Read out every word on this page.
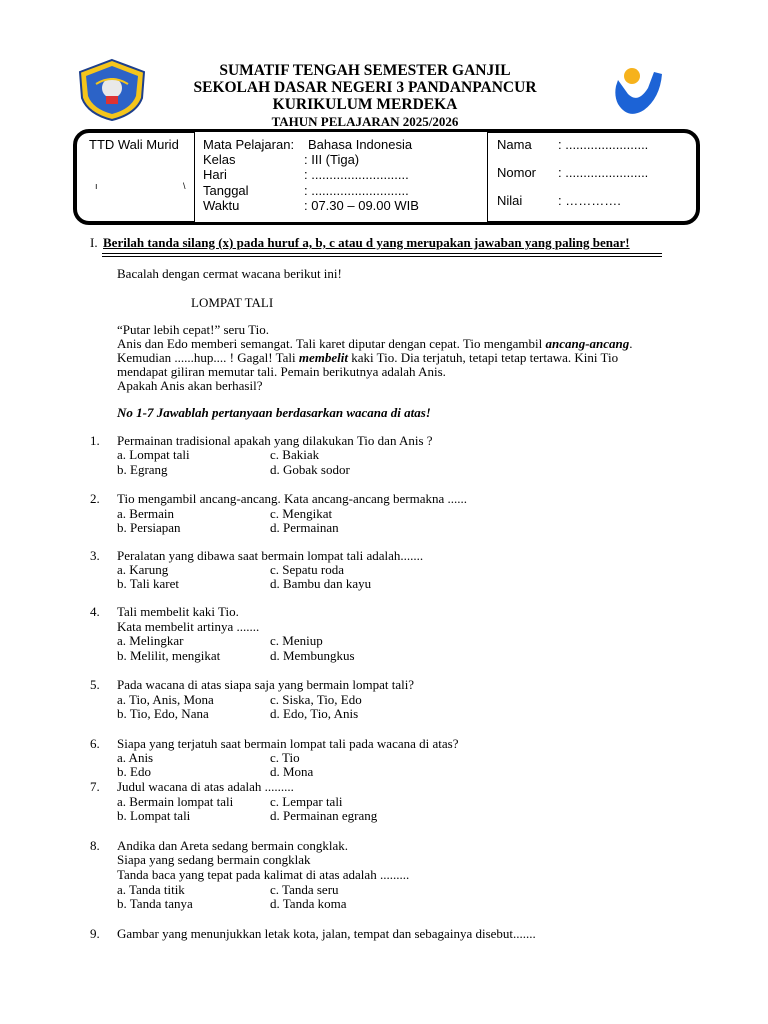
SUMATIF TENGAH SEMESTER GANJIL
SEKOLAH DASAR NEGERI 3 PANDANPANCUR
KURIKULUM MERDEKA
TAHUN PELAJARAN 2025/2026
TTD Wali Murid
ı	\
Mata Pelajaran: Bahasa Indonesia
Kelas	: III (Tiga)
Hari	: ...........................
Tanggal	: ...........................
Waktu	: 07.30 – 09.00 WIB
Nama : .......................
Nomor : .......................
Nilai	: ………….
I. Berilah tanda silang (x) pada huruf a, b, c atau d yang merupakan jawaban yang paling benar!
Bacalah dengan cermat wacana berikut ini!
LOMPAT TALI
“Putar lebih cepat!” seru Tio.
Anis dan Edo memberi semangat. Tali karet diputar dengan cepat. Tio mengambil ancang-ancang.
Kemudian ......hup.... ! Gagal! Tali membelit kaki Tio. Dia terjatuh, tetapi tetap tertawa. Kini Tio
mendapat giliran memutar tali. Pemain berikutnya adalah Anis.
Apakah Anis akan berhasil?
No 1-7 Jawablah pertanyaan berdasarkan wacana di atas!
1. Permainan tradisional apakah yang dilakukan Tio dan Anis ?
a. Lompat tali	c. Bakiak
b. Egrang	d. Gobak sodor
2. Tio mengambil ancang-ancang. Kata ancang-ancang bermakna ......
a. Bermain	c. Mengikat
b. Persiapan	d. Permainan
3. Peralatan yang dibawa saat bermain lompat tali adalah.......
a. Karung	c. Sepatu roda
b. Tali karet	d. Bambu dan kayu
4. Tali membelit kaki Tio.
Kata membelit artinya .......
a. Melingkar	c. Meniup
b. Melilit, mengikat	d. Membungkus
5. Pada wacana di atas siapa saja yang bermain lompat tali?
a. Tio, Anis, Mona	c. Siska, Tio, Edo
b. Tio, Edo, Nana	d. Edo, Tio, Anis
6. Siapa yang terjatuh saat bermain lompat tali pada wacana di atas?
a. Anis	c. Tio
b. Edo	d. Mona
7. Judul wacana di atas adalah .........
a. Bermain lompat tali	c. Lempar tali
b. Lompat tali	d. Permainan egrang
8. Andika dan Areta sedang bermain congklak.
Siapa yang sedang bermain congklak
Tanda baca yang tepat pada kalimat di atas adalah .........
a. Tanda titik	c. Tanda seru
b. Tanda tanya	d. Tanda koma
9. Gambar yang menunjukkan letak kota, jalan, tempat dan sebagainya disebut.......
